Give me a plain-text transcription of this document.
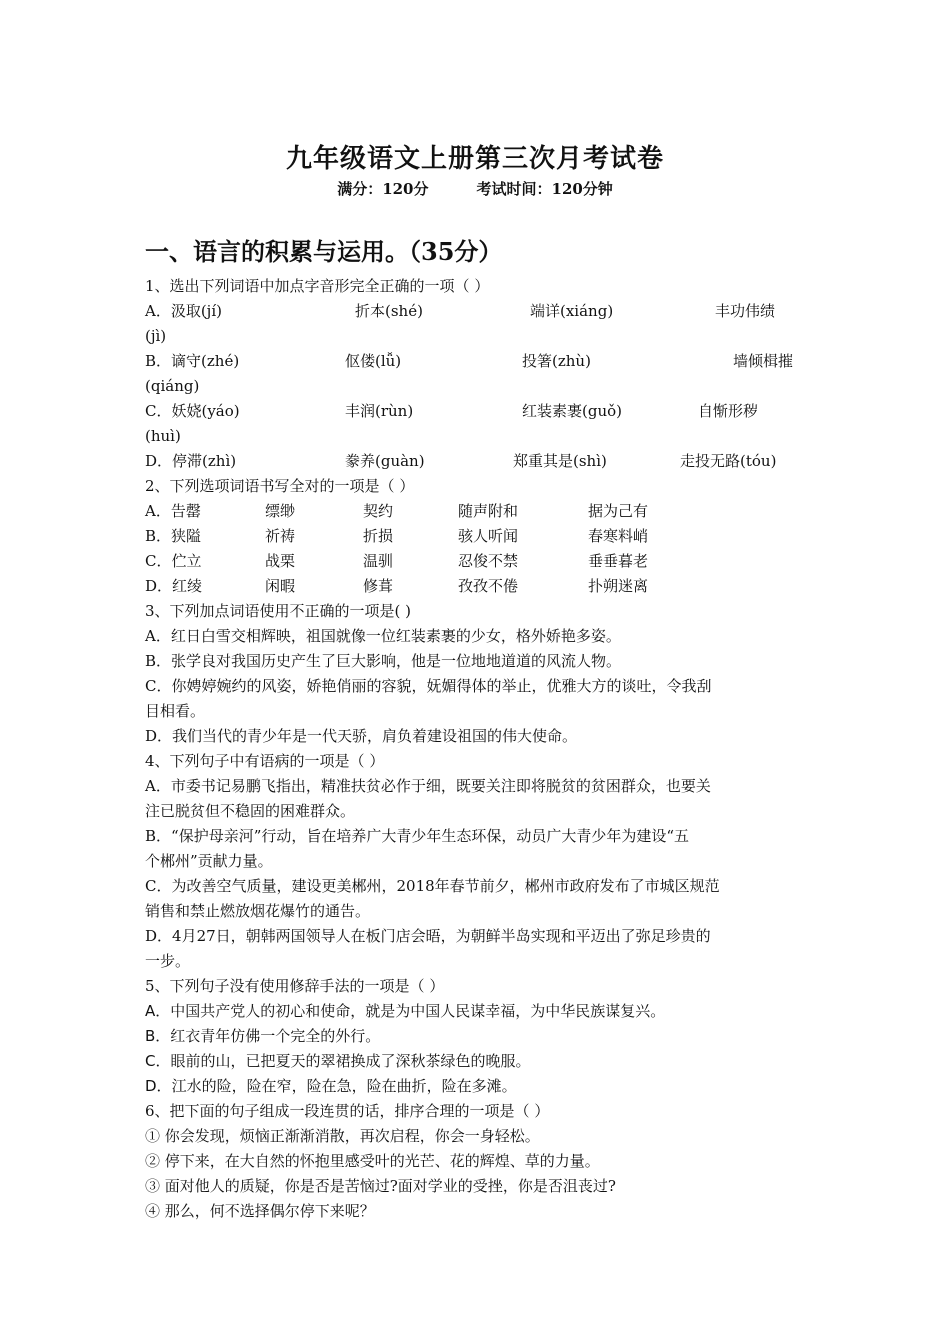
九年级语文上册第三次月考试卷
满分：120分	考试时间：120分钟
一、语言的积累与运用。（35分）
1、选出下列词语中加点字音形完全正确的一项（ ）
A．汲取(jí)	折本(shé)	端详(xiáng)	丰功伟绩
(jì)
B．谪守(zhé)	伛偻(lǚ)	投箸(zhù)	墙倾楫摧
(qiáng)
C．妖娆(yáo)	丰润(rùn)	红装素裹(guǒ)	自惭形秽
(huì)
D．停滞(zhì)	豢养(guàn)	郑重其是(shì)	走投无路(tóu)
2、下列选项词语书写全对的一项是（ ）
A．告罄	缥缈	契约	随声附和	据为己有
B．狭隘	祈祷	折损	骇人听闻	春寒料峭
C．伫立	战栗	温驯	忍俊不禁	垂垂暮老
D．红绫	闲暇	修葺	孜孜不倦	扑朔迷离
3、下列加点词语使用不正确的一项是( )
A．红日白雪交相辉映，祖国就像一位红装素裹的少女，格外娇艳多姿。
B．张学良对我国历史产生了巨大影响，他是一位地地道道的风流人物。
C．你娉婷婉约的风姿，娇艳俏丽的容貌，妩媚得体的举止，优雅大方的谈吐，令我刮
目相看。
D．我们当代的青少年是一代天骄，肩负着建设祖国的伟大使命。
4、下列句子中有语病的一项是（ ）
A．市委书记易鹏飞指出，精准扶贫必作于细，既要关注即将脱贫的贫困群众，也要关
注已脱贫但不稳固的困难群众。
B．“保护母亲河”行动，旨在培养广大青少年生态环保，动员广大青少年为建设“五
个郴州”贡献力量。
C．为改善空气质量，建设更美郴州，2018年春节前夕，郴州市政府发布了市城区规范
销售和禁止燃放烟花爆竹的通告。
D．4月27日，朝韩两国领导人在板门店会晤，为朝鲜半岛实现和平迈出了弥足珍贵的
一步。
5、下列句子没有使用修辞手法的一项是（ ）
A．中国共产党人的初心和使命，就是为中国人民谋幸福，为中华民族谋复兴。
B．红衣青年仿佛一个完全的外行。
C．眼前的山，已把夏天的翠裙换成了深秋茶绿色的晚服。
D．江水的险，险在窄，险在急，险在曲折，险在多滩。
6、把下面的句子组成一段连贯的话，排序合理的一项是（ ）
① 你会发现，烦恼正渐渐消散，再次启程，你会一身轻松。
② 停下来，在大自然的怀抱里感受叶的光芒、花的辉煌、草的力量。
③ 面对他人的质疑，你是否是苦恼过?面对学业的受挫，你是否沮丧过?
④ 那么，何不选择偶尔停下来呢？
